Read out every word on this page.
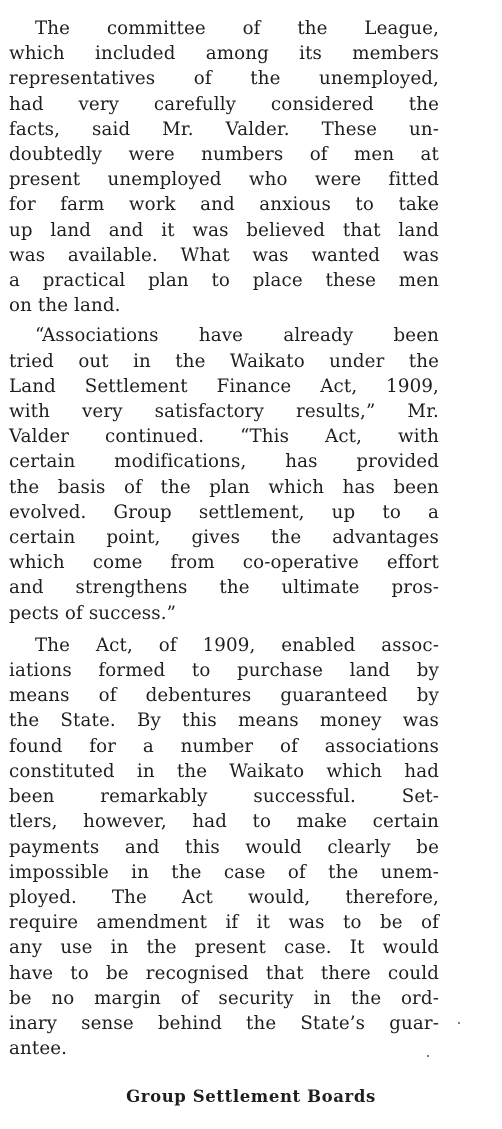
The committee of the League,
which included among its members
representatives of the unemployed,
had very carefully considered the
facts, said Mr. Valder. These un-
doubtedly were numbers of men at
present unemployed who were fitted
for farm work and anxious to take
up land and it was believed that land
was available. What was wanted was
a practical plan to place these men
on the land.

“Associations have already been
tried out in the Waikato under the
Land Settlement Finance Act, 1909,
with very satisfactory results,” Mr.
Valder continued. “This Act, with
certain modifications, has provided
the basis of the plan which has been
evolved. Group settlement, up to a
certain point, gives the advantages
which come from co-operative effort
and strengthens the ultimate pros-
pects of success.”

The Act, of 1909, enabled assoc-
iations formed to purchase land by
means of debentures guaranteed by
the State. By this means money was
found for a number of associations
constituted in the Waikato which had
been remarkably successful. Set-
tlers, however, had to make certain
payments and this would clearly be
impossible in the case of the unem-
ployed. The Act would, therefore,
require amendment if it was to be of
any use in the present case. It would
have to be recognised that there could
be no margin of security in the ord-
inary sense behind the State’s guar-
antee.

Group Settlement Boards
